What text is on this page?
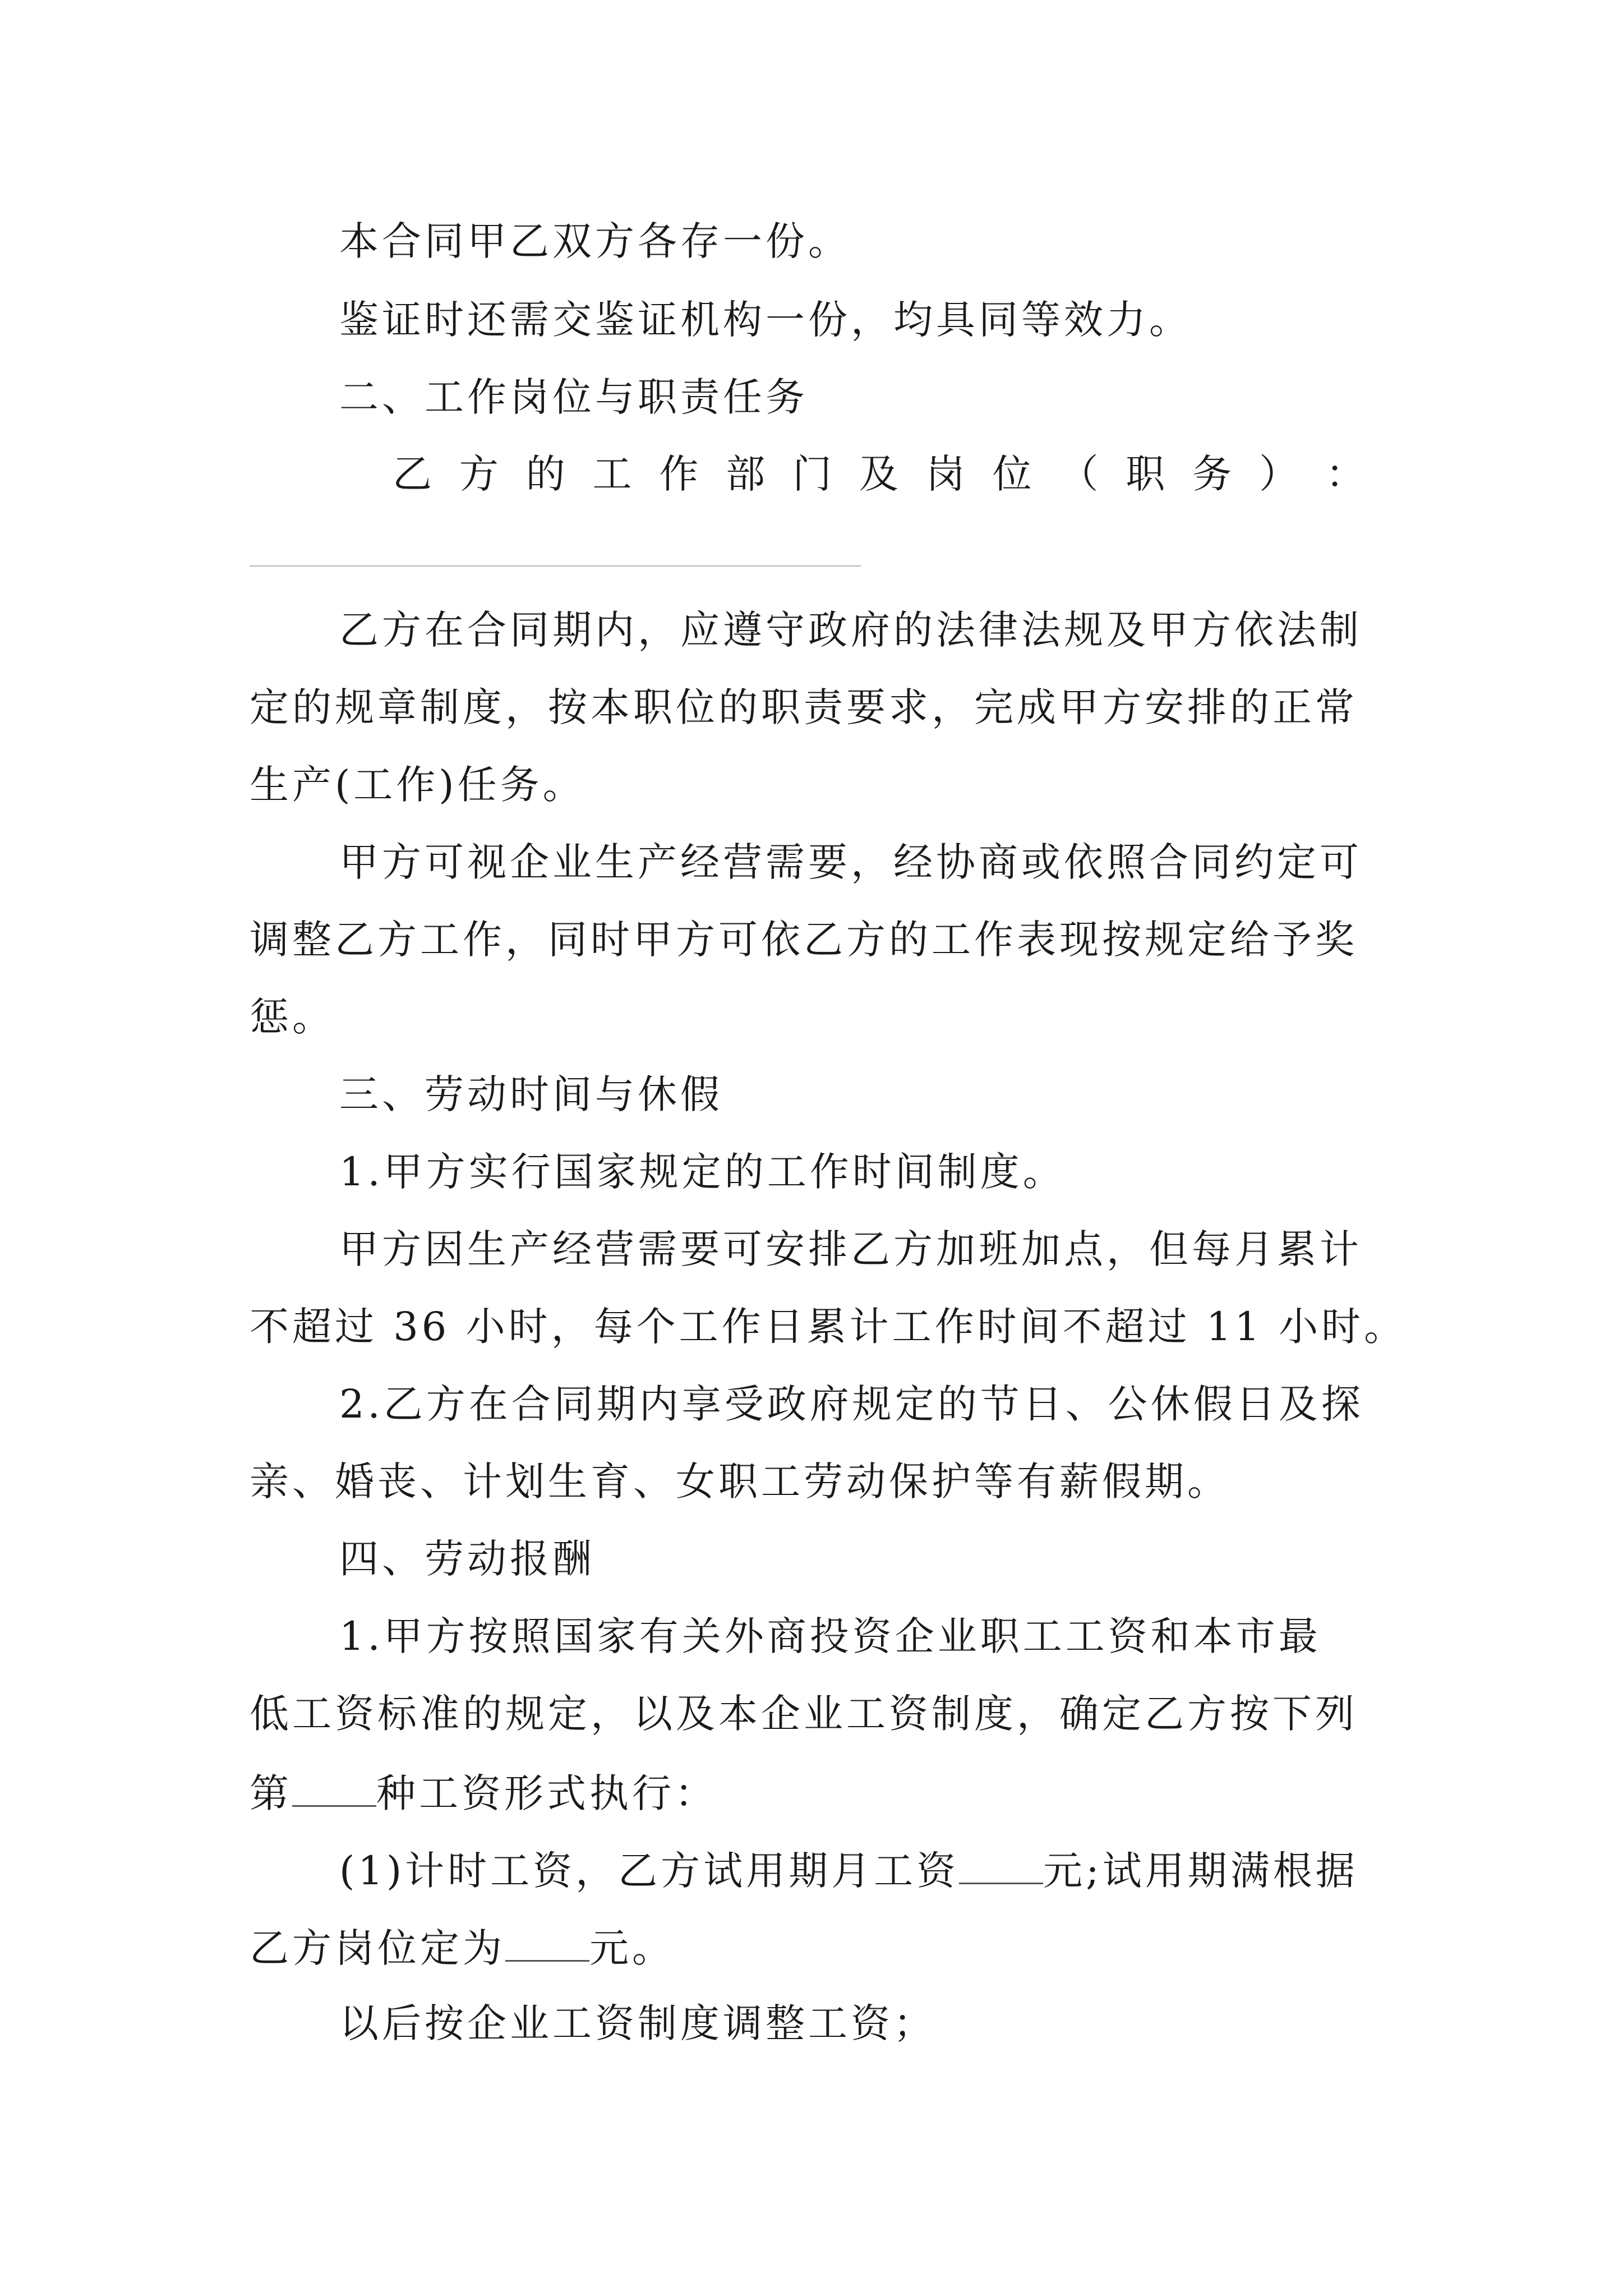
本合同甲乙双方各存一份。
鉴证时还需交鉴证机构一份，均具同等效力。
二、工作岗位与职责任务
乙 方 的 工 作 部 门 及 岗 位 （ 职 务 ） ：
乙方在合同期内，应遵守政府的法律法规及甲方依法制
定的规章制度，按本职位的职责要求，完成甲方安排的正常
生产(工作)任务。
甲方可视企业生产经营需要，经协商或依照合同约定可
调整乙方工作，同时甲方可依乙方的工作表现按规定给予奖
惩。
三、劳动时间与休假
1.甲方实行国家规定的工作时间制度。
甲方因生产经营需要可安排乙方加班加点，但每月累计
不超过 36 小时，每个工作日累计工作时间不超过 11 小时。
2.乙方在合同期内享受政府规定的节日、公休假日及探
亲、婚丧、计划生育、女职工劳动保护等有薪假期。
四、劳动报酬
1.甲方按照国家有关外商投资企业职工工资和本市最
低工资标准的规定，以及本企业工资制度，确定乙方按下列
第 种工资形式执行：
(1)计时工资，乙方试用期月工资 元;试用期满根据
乙方岗位定为 元。
以后按企业工资制度调整工资；
